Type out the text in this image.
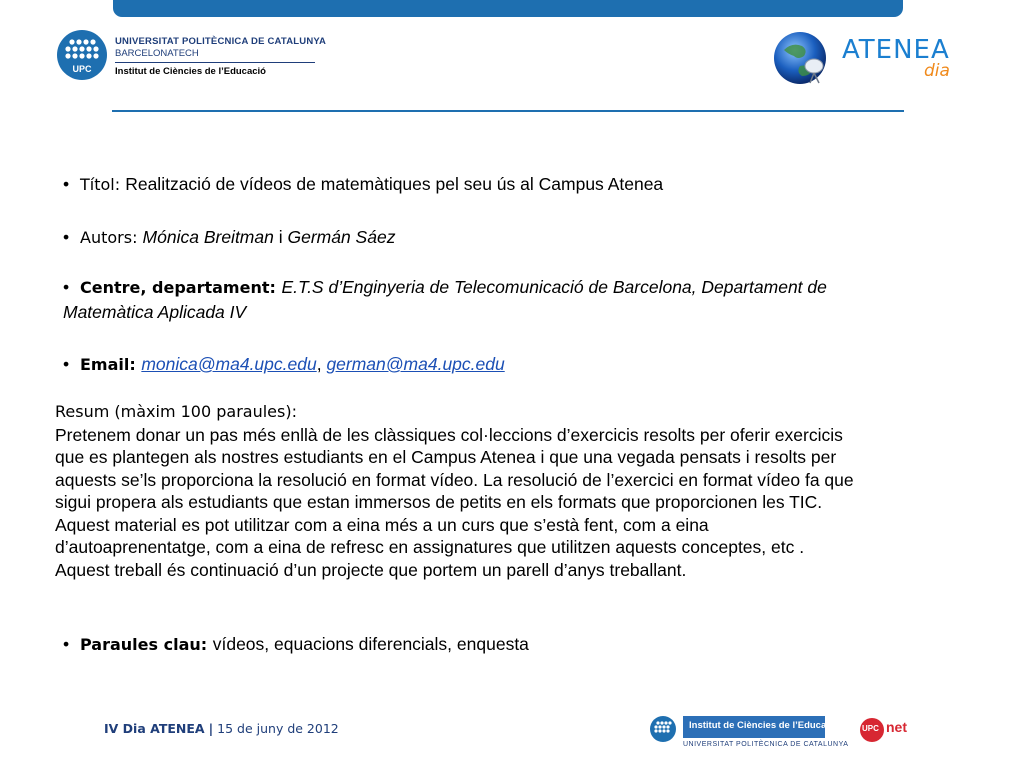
UPC
UNIVERSITAT POLITÈCNICA DE CATALUNYA
BARCELONATECH
Institut de Ciències de l’Educació
ATENEA
dia
• Títol: Realització de vídeos de matemàtiques pel seu ús al Campus Atenea
• Autors: Mónica Breitman i Germán Sáez
• Centre, departament: E.T.S d’Enginyeria de Telecomunicació de Barcelona, Departament de
Matemàtica Aplicada IV
• Email: monica@ma4.upc.edu, german@ma4.upc.edu
Resum (màxim 100 paraules):
Pretenem donar un pas més enllà de les clàssiques col·leccions d’exercicis resolts per oferir exercicis
que es plantegen als nostres estudiants en el Campus Atenea i que una vegada pensats i resolts per
aquests se’ls proporciona la resolució en format vídeo. La resolució de l’exercici en format vídeo fa que
sigui propera als estudiants que estan immersos de petits en els formats que proporcionen les TIC.
Aquest material es pot utilitzar com a eina més a un curs que s’està fent, com a eina
d’autoaprenentatge, com a eina de refresc en assignatures que utilitzen aquests conceptes, etc .
Aquest treball és continuació d’un projecte que portem un parell d’anys treballant.
• Paraules clau: vídeos, equacions diferencials, enquesta
IV Dia ATENEA | 15 de juny de 2012	Institut de Ciències de l’Educació
UNIVERSITAT POLITÈCNICA DE CATALUNYA
UPC net
